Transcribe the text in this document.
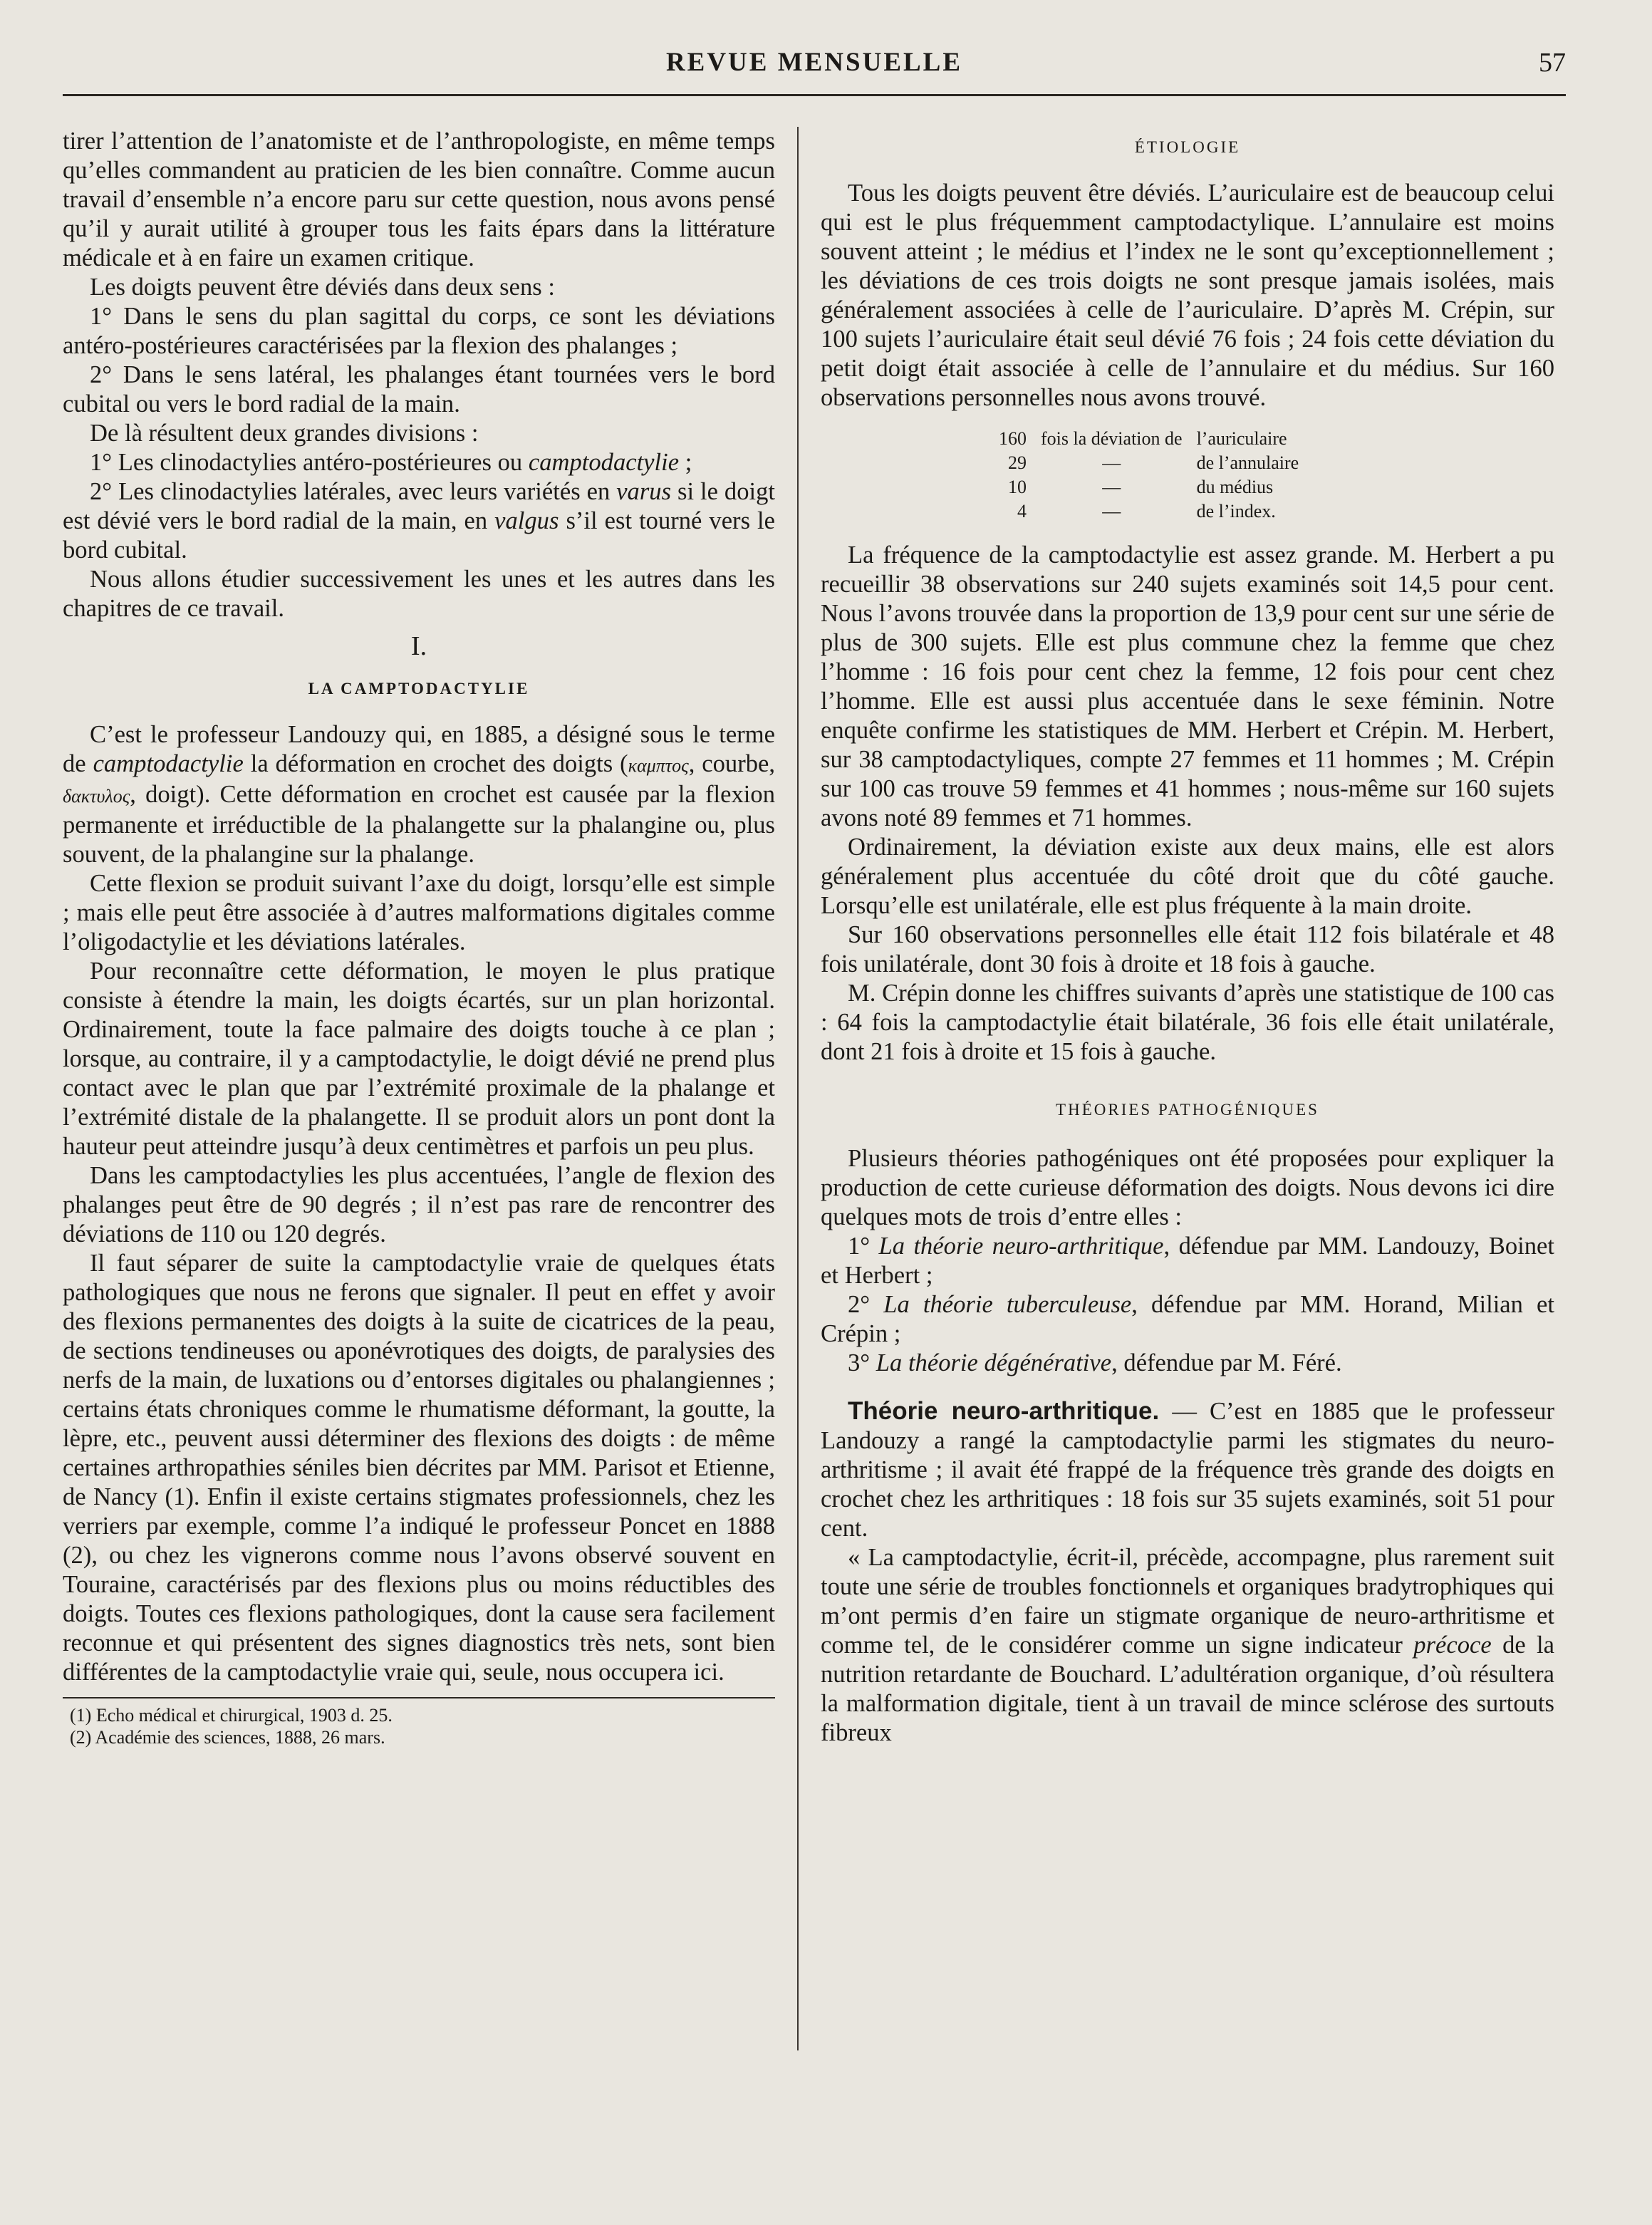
REVUE MENSUELLE	57

tirer l’attention de l’anatomiste et de l’anthropologiste, en même temps qu’elles commandent au praticien de les bien connaître. Comme aucun travail d’ensemble n’a encore paru sur cette question, nous avons pensé qu’il y aurait utilité à grouper tous les faits épars dans la littérature médicale et à en faire un examen critique.

Les doigts peuvent être déviés dans deux sens :

1° Dans le sens du plan sagittal du corps, ce sont les déviations antéro-postérieures caractérisées par la flexion des phalanges ;

2° Dans le sens latéral, les phalanges étant tournées vers le bord cubital ou vers le bord radial de la main.

De là résultent deux grandes divisions :

1° Les clinodactylies antéro-postérieures ou camptodactylie ;

2° Les clinodactylies latérales, avec leurs variétés en varus si le doigt est dévié vers le bord radial de la main, en valgus s’il est tourné vers le bord cubital.

Nous allons étudier successivement les unes et les autres dans les chapitres de ce travail.

I.
LA CAMPTODACTYLIE

C’est le professeur Landouzy qui, en 1885, a désigné sous le terme de camptodactylie la déformation en crochet des doigts (καμπτος, courbe, δακτυλος, doigt). Cette déformation en crochet est causée par la flexion permanente et irréductible de la phalangette sur la phalangine ou, plus souvent, de la phalangine sur la phalange.

Cette flexion se produit suivant l’axe du doigt, lorsqu’elle est simple ; mais elle peut être associée à d’autres malformations digitales comme l’oligodactylie et les déviations latérales.

Pour reconnaître cette déformation, le moyen le plus pratique consiste à étendre la main, les doigts écartés, sur un plan horizontal. Ordinairement, toute la face palmaire des doigts touche à ce plan ; lorsque, au contraire, il y a camptodactylie, le doigt dévié ne prend plus contact avec le plan que par l’extrémité proximale de la phalange et l’extrémité distale de la phalangette. Il se produit alors un pont dont la hauteur peut atteindre jusqu’à deux centimètres et parfois un peu plus.

Dans les camptodactylies les plus accentuées, l’angle de flexion des phalanges peut être de 90 degrés ; il n’est pas rare de rencontrer des déviations de 110 ou 120 degrés.

Il faut séparer de suite la camptodactylie vraie de quelques états pathologiques que nous ne ferons que signaler. Il peut en effet y avoir des flexions permanentes des doigts à la suite de cicatrices de la peau, de sections tendineuses ou aponévrotiques des doigts, de paralysies des nerfs de la main, de luxations ou d’entorses digitales ou phalangiennes ; certains états chroniques comme le rhumatisme déformant, la goutte, la lèpre, etc., peuvent aussi déterminer des flexions des doigts : de même certaines arthropathies séniles bien décrites par MM. Parisot et Etienne, de Nancy (1). Enfin il existe certains stigmates professionnels, chez les verriers par exemple, comme l’a indiqué le professeur Poncet en 1888 (2), ou chez les vignerons comme nous l’avons observé souvent en Touraine, caractérisés par des flexions plus ou moins réductibles des doigts. Toutes ces flexions pathologiques, dont la cause sera facilement reconnue et qui présentent des signes diagnostics très nets, sont bien différentes de la camptodactylie vraie qui, seule, nous occupera ici.

(1) Echo médical et chirurgical, 1903 d. 25.

(2) Académie des sciences, 1888, 26 mars.

ÉTIOLOGIE

Tous les doigts peuvent être déviés. L’auriculaire est de beaucoup celui qui est le plus fréquemment camptodactylique. L’annulaire est moins souvent atteint ; le médius et l’index ne le sont qu’exceptionnellement ; les déviations de ces trois doigts ne sont presque jamais isolées, mais généralement associées à celle de l’auriculaire. D’après M. Crépin, sur 100 sujets l’auriculaire était seul dévié 76 fois ; 24 fois cette déviation du petit doigt était associée à celle de l’annulaire et du médius. Sur 160 observations personnelles nous avons trouvé.

160	fois la déviation de	l’auriculaire
29	—	de l’annulaire
10	—	du médius
4	—	de l’index.

La fréquence de la camptodactylie est assez grande. M. Herbert a pu recueillir 38 observations sur 240 sujets examinés soit 14,5 pour cent. Nous l’avons trouvée dans la proportion de 13,9 pour cent sur une série de plus de 300 sujets. Elle est plus commune chez la femme que chez l’homme : 16 fois pour cent chez la femme, 12 fois pour cent chez l’homme. Elle est aussi plus accentuée dans le sexe féminin. Notre enquête confirme les statistiques de MM. Herbert et Crépin. M. Herbert, sur 38 camptodactyliques, compte 27 femmes et 11 hommes ; M. Crépin sur 100 cas trouve 59 femmes et 41 hommes ; nous-même sur 160 sujets avons noté 89 femmes et 71 hommes.

Ordinairement, la déviation existe aux deux mains, elle est alors généralement plus accentuée du côté droit que du côté gauche. Lorsqu’elle est unilatérale, elle est plus fréquente à la main droite.

Sur 160 observations personnelles elle était 112 fois bilatérale et 48 fois unilatérale, dont 30 fois à droite et 18 fois à gauche.

M. Crépin donne les chiffres suivants d’après une statistique de 100 cas : 64 fois la camptodactylie était bilatérale, 36 fois elle était unilatérale, dont 21 fois à droite et 15 fois à gauche.

THÉORIES PATHOGÉNIQUES

Plusieurs théories pathogéniques ont été proposées pour expliquer la production de cette curieuse déformation des doigts. Nous devons ici dire quelques mots de trois d’entre elles :

1° La théorie neuro-arthritique, défendue par MM. Landouzy, Boinet et Herbert ;

2° La théorie tuberculeuse, défendue par MM. Horand, Milian et Crépin ;

3° La théorie dégénérative, défendue par M. Féré.

Théorie neuro-arthritique. — C’est en 1885 que le professeur Landouzy a rangé la camptodactylie parmi les stigmates du neuro-arthritisme ; il avait été frappé de la fréquence très grande des doigts en crochet chez les arthritiques : 18 fois sur 35 sujets examinés, soit 51 pour cent.

« La camptodactylie, écrit-il, précède, accompagne, plus rarement suit toute une série de troubles fonctionnels et organiques bradytrophiques qui m’ont permis d’en faire un stigmate organique de neuro-arthritisme et comme tel, de le considérer comme un signe indicateur précoce de la nutrition retardante de Bouchard. L’adultération organique, d’où résultera la malformation digitale, tient à un travail de mince sclérose des surtouts fibreux
